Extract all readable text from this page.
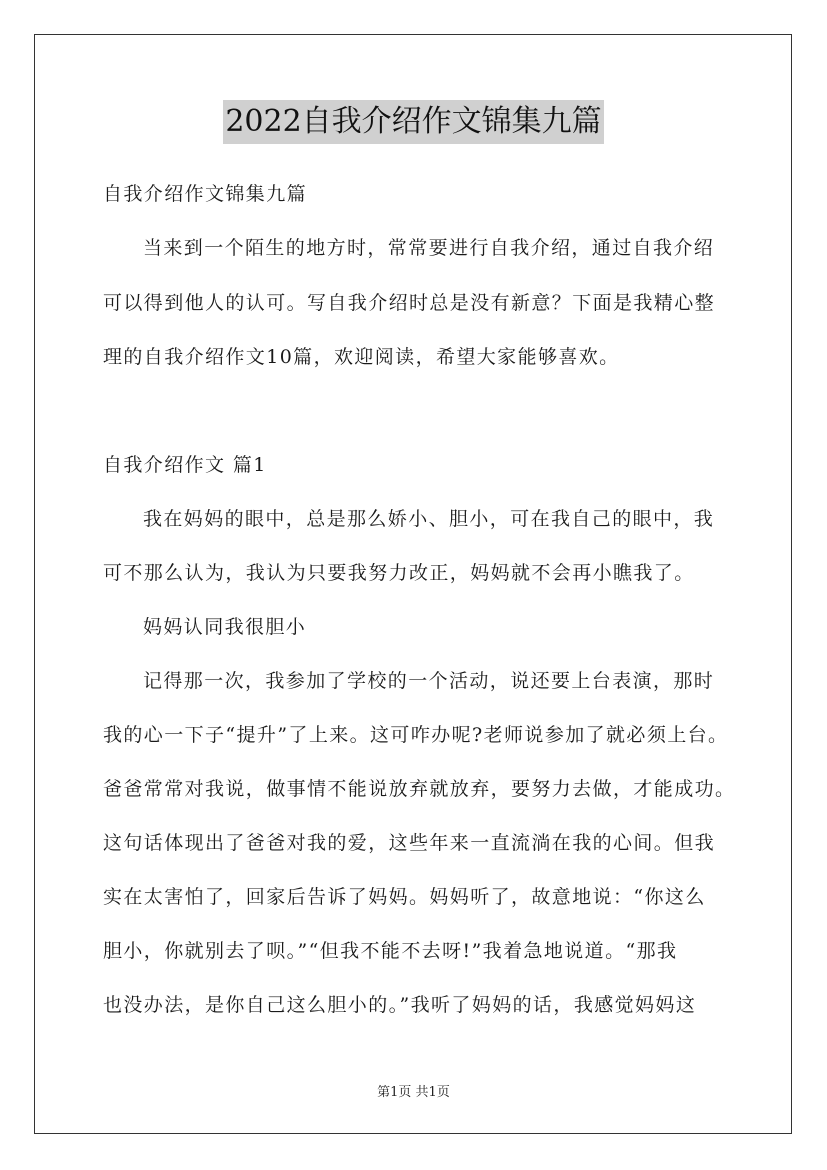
2022自我介绍作文锦集九篇
自我介绍作文锦集九篇
当来到一个陌生的地方时，常常要进行自我介绍，通过自我介绍
可以得到他人的认可。写自我介绍时总是没有新意？下面是我精心整
理的自我介绍作文10篇，欢迎阅读，希望大家能够喜欢。
自我介绍作文 篇1
我在妈妈的眼中，总是那么娇小、胆小，可在我自己的眼中，我
可不那么认为，我认为只要我努力改正，妈妈就不会再小瞧我了。
妈妈认同我很胆小
记得那一次，我参加了学校的一个活动，说还要上台表演，那时
我的心一下子“提升”了上来。这可咋办呢?老师说参加了就必须上台。
爸爸常常对我说，做事情不能说放弃就放弃，要努力去做，才能成功。
这句话体现出了爸爸对我的爱，这些年来一直流淌在我的心间。但我
实在太害怕了，回家后告诉了妈妈。妈妈听了，故意地说：“你这么
胆小，你就别去了呗。”“但我不能不去呀!”我着急地说道。“那我
也没办法，是你自己这么胆小的。”我听了妈妈的话，我感觉妈妈这
第1页 共1页
